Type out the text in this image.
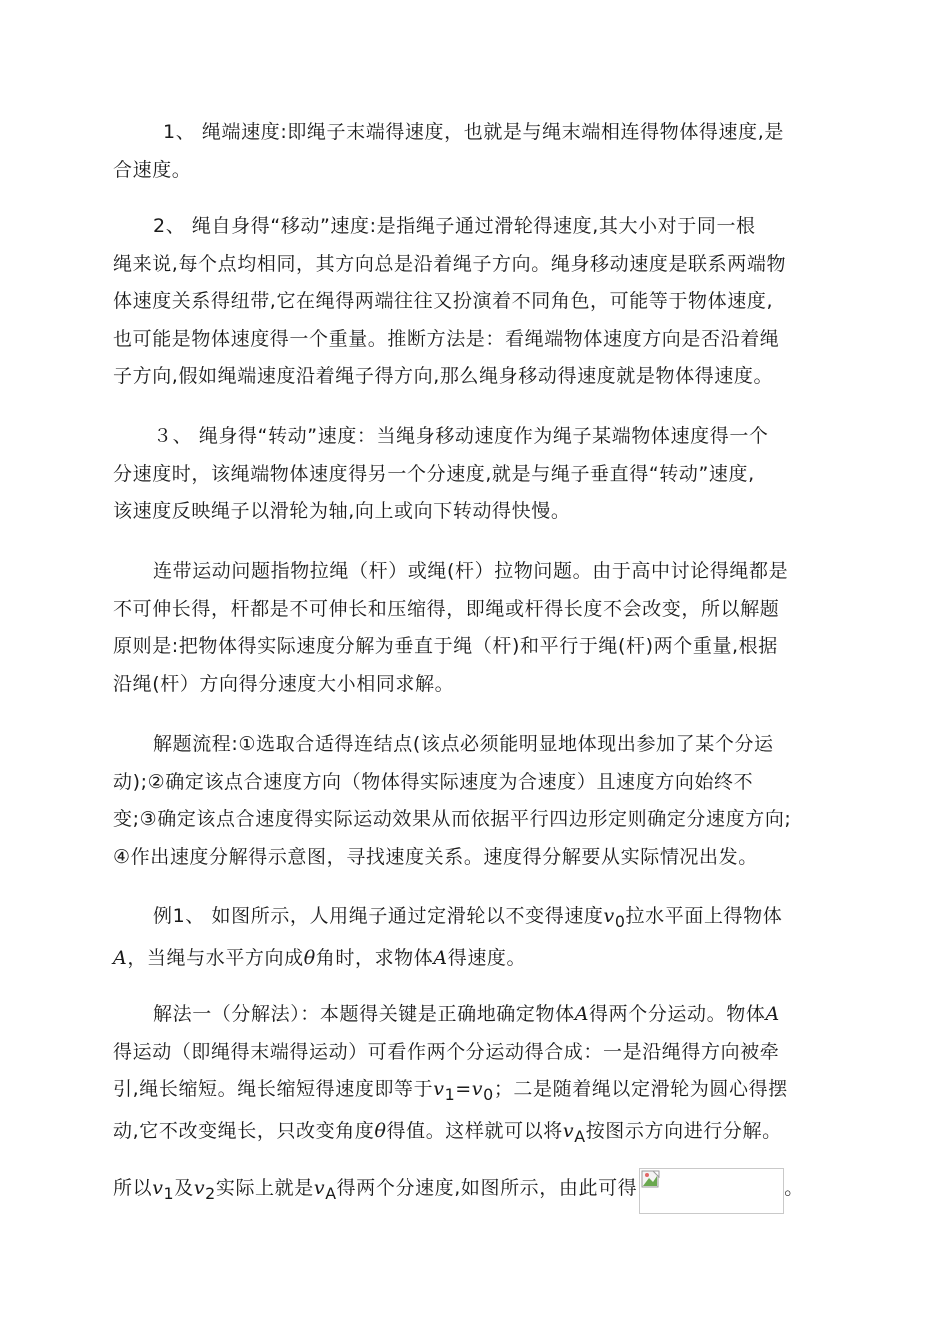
1、 绳端速度:即绳子末端得速度，也就是与绳末端相连得物体得速度,是
合速度。

2、 绳自身得“移动”速度:是指绳子通过滑轮得速度,其大小对于同一根
绳来说,每个点均相同，其方向总是沿着绳子方向。绳身移动速度是联系两端物
体速度关系得纽带,它在绳得两端往往又扮演着不同角色，可能等于物体速度,
也可能是物体速度得一个重量。推断方法是：看绳端物体速度方向是否沿着绳
子方向,假如绳端速度沿着绳子得方向,那么绳身移动得速度就是物体得速度。

３、 绳身得“转动”速度：当绳身移动速度作为绳子某端物体速度得一个
分速度时，该绳端物体速度得另一个分速度,就是与绳子垂直得“转动”速度,
该速度反映绳子以滑轮为轴,向上或向下转动得快慢。

连带运动问题指物拉绳（杆）或绳(杆）拉物问题。由于高中讨论得绳都是
不可伸长得，杆都是不可伸长和压缩得，即绳或杆得长度不会改变，所以解题
原则是:把物体得实际速度分解为垂直于绳（杆)和平行于绳(杆)两个重量,根据
沿绳(杆）方向得分速度大小相同求解。

解题流程:①选取合适得连结点(该点必须能明显地体现出参加了某个分运
动);②确定该点合速度方向（物体得实际速度为合速度）且速度方向始终不
变;③确定该点合速度得实际运动效果从而依据平行四边形定则确定分速度方向;
④作出速度分解得示意图，寻找速度关系。速度得分解要从实际情况出发。

例1、 如图所示，人用绳子通过定滑轮以不变得速度$v_0$拉水平面上得物体
A，当绳与水平方向成θ角时，求物体A得速度。

解法一（分解法）：本题得关键是正确地确定物体A得两个分运动。物体A
得运动（即绳得末端得运动）可看作两个分运动得合成：一是沿绳得方向被牵
引,绳长缩短。绳长缩短得速度即等于$v_1=v_0$；二是随着绳以定滑轮为圆心得摆
动,它不改变绳长，只改变角度θ得值。这样就可以将$v_A$按图示方向进行分解。

所以$v_1$及$v_2$实际上就是$v_A$得两个分速度,如图所示，由此可得	。
